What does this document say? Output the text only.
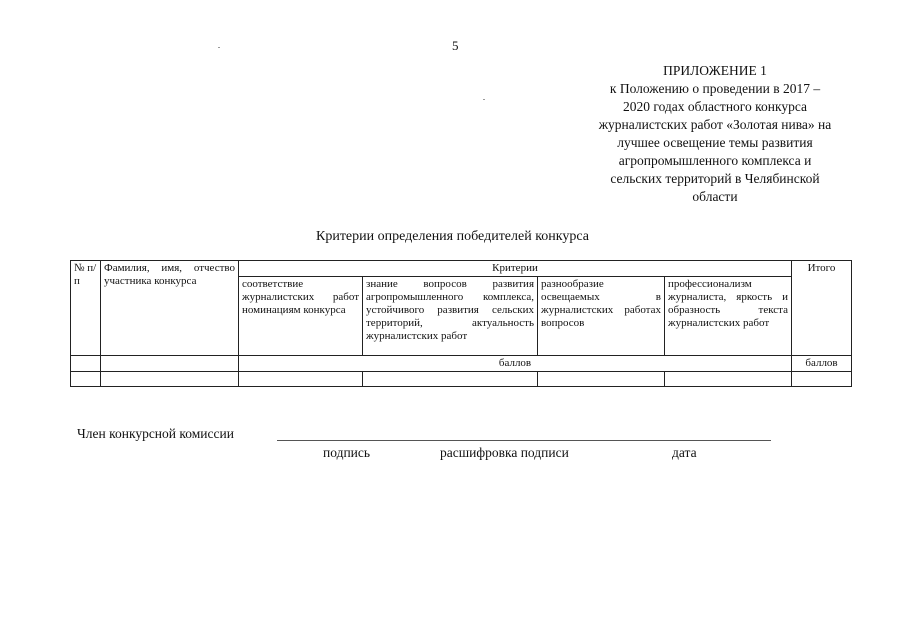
5
ПРИЛОЖЕНИЕ 1
к Положению о проведении в 2017 –
2020 годах областного конкурса
журналистских работ «Золотая нива» на
лучшее освещение темы развития
агропромышленного комплекса и
сельских территорий в Челябинской
области
Критерии определения победителей конкурса
№ п/п	Фамилия, имя, отчество участника конкурса	Критерии				Итого
		соответствие журналистских работ номинациям конкурса	знание вопросов развития агропромышленного комплекса, устойчивого развития сельских территорий, актуальность журналистских работ	разнообразие освещаемых в журналистских работах вопросов	профессионализм журналиста, яркость и образность текста журналистских работ	
		баллов				баллов

Член конкурсной комиссии
подпись	расшифровка подписи	дата
